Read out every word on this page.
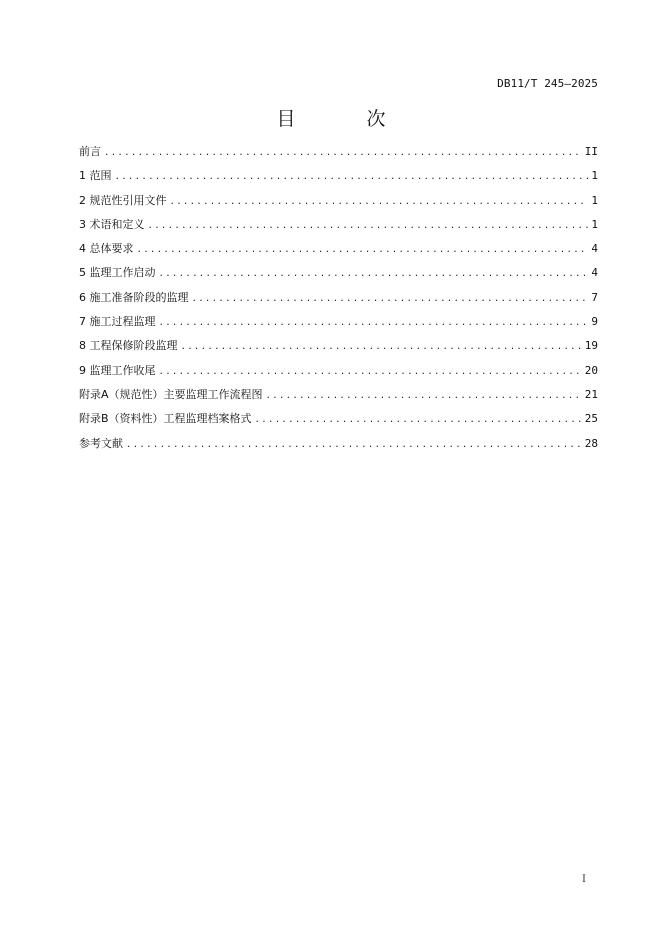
DB11/T 245—2025
目　次
前言 .....	II
1 范围 .....	1
2 规范性引用文件 .....	1
3 术语和定义 .....	1
4 总体要求 .....	4
5 监理工作启动 .....	4
6 施工准备阶段的监理 .....	7
7 施工过程监理 .....	9
8 工程保修阶段监理 .....	19
9 监理工作收尾 .....	20
附录A（规范性）主要监理工作流程图 .....	21
附录B（资料性）工程监理档案格式 .....	25
参考文献 .....	28
I
